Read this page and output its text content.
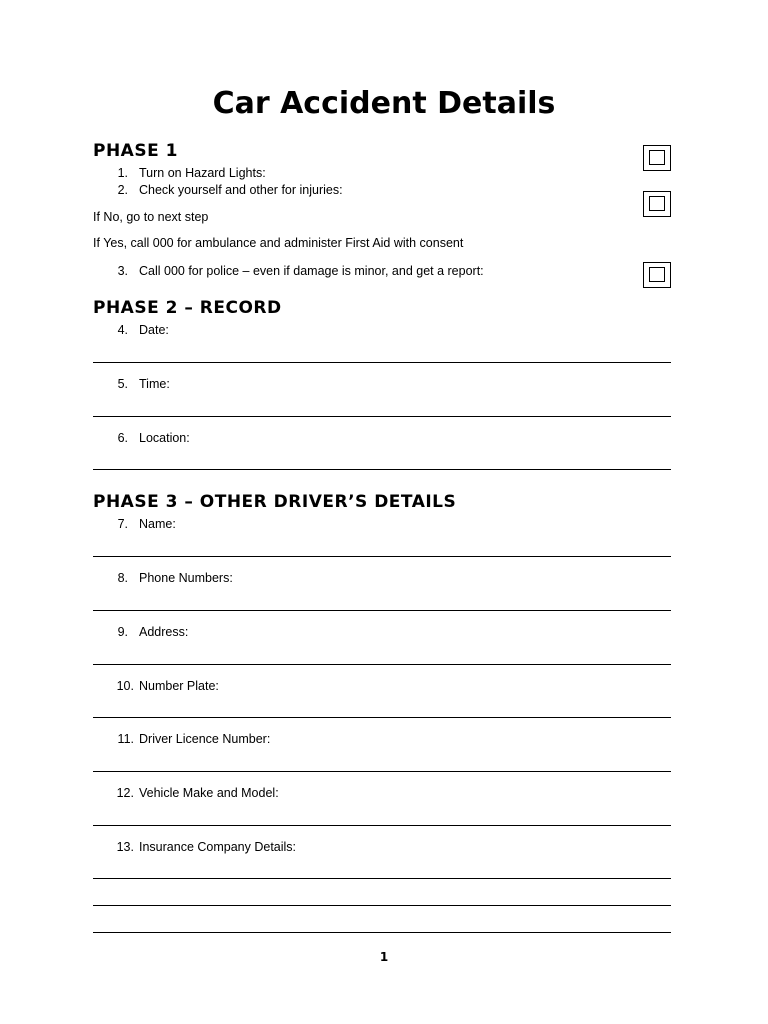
Car Accident Details
PHASE 1
1. Turn on Hazard Lights:
2. Check yourself and other for injuries:
If No, go to next step
If Yes, call 000 for ambulance and administer First Aid with consent
3. Call 000 for police – even if damage is minor, and get a report:
PHASE 2 – RECORD
4. Date:
5. Time:
6. Location:
PHASE 3 – OTHER DRIVER’S DETAILS
7. Name:
8. Phone Numbers:
9. Address:
10. Number Plate:
11. Driver Licence Number:
12. Vehicle Make and Model:
13. Insurance Company Details:
1
